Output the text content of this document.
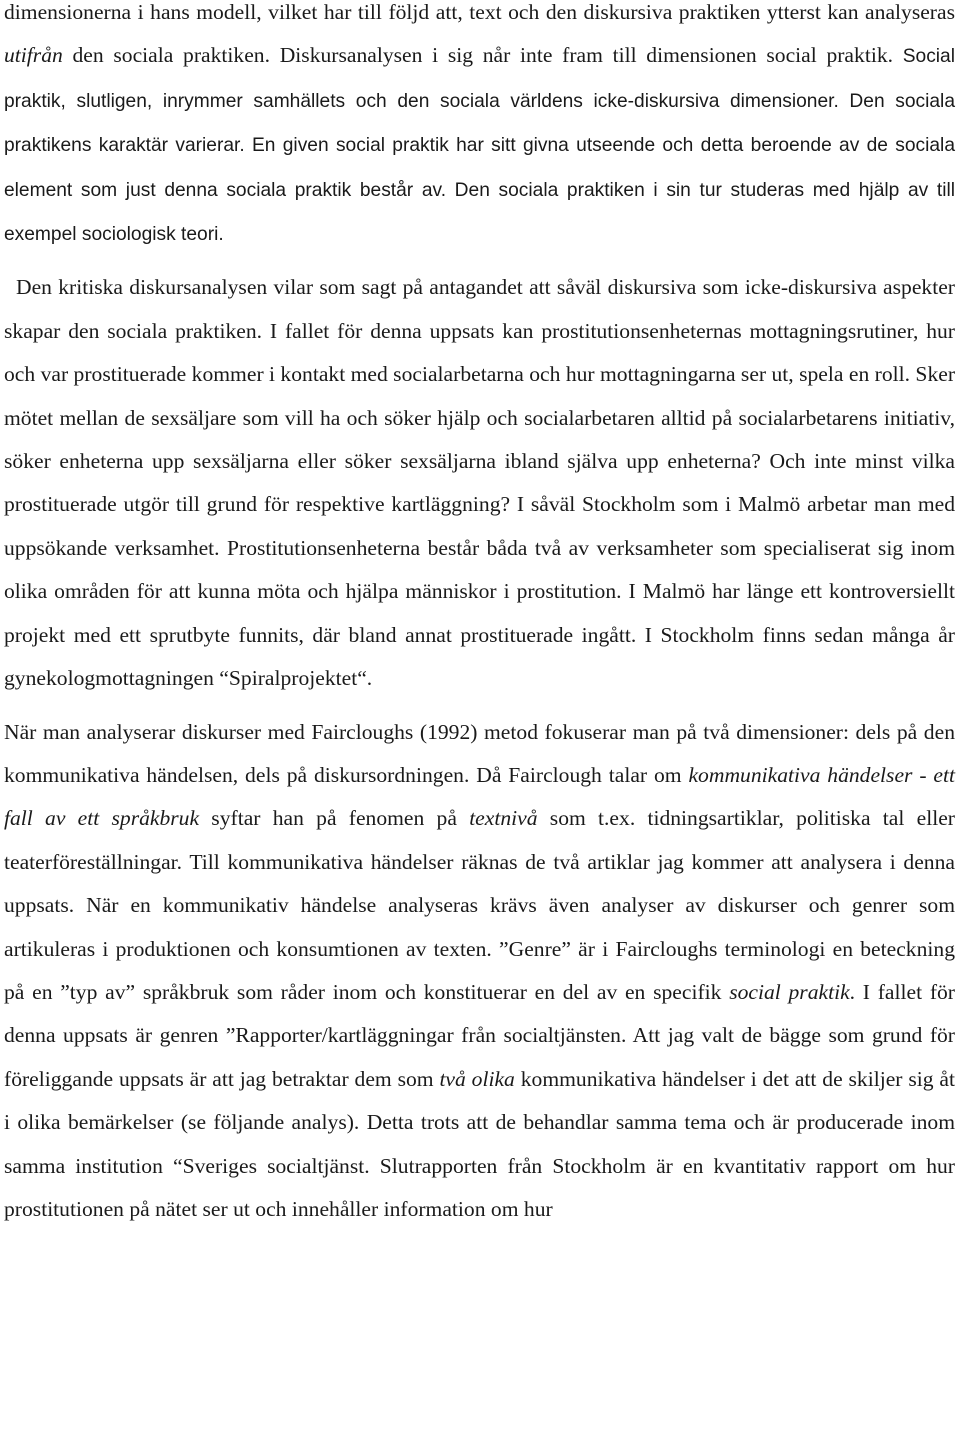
dimensionerna i hans modell, vilket har till följd att, text och den diskursiva praktiken ytterst kan analyseras utifrån den sociala praktiken. Diskursanalysen i sig når inte fram till dimensionen social praktik. Social praktik, slutligen, inrymmer samhällets och den sociala världens icke-diskursiva dimensioner. Den sociala praktikens karaktär varierar. En given social praktik har sitt givna utseende och detta beroende av de sociala element som just denna sociala praktik består av. Den sociala praktiken i sin tur studeras med hjälp av till exempel sociologisk teori.

Den kritiska diskursanalysen vilar som sagt på antagandet att såväl diskursiva som icke-diskursiva aspekter skapar den sociala praktiken. I fallet för denna uppsats kan prostitutionsenheternas mottagningsrutiner, hur och var prostituerade kommer i kontakt med socialarbetarna och hur mottagningarna ser ut, spela en roll. Sker mötet mellan de sexsäljare som vill ha och söker hjälp och socialarbetaren alltid på socialarbetarens initiativ, söker enheterna upp sexsäljarna eller söker sexsäljarna ibland själva upp enheterna? Och inte minst vilka prostituerade utgör till grund för respektive kartläggning? I såväl Stockholm som i Malmö arbetar man med uppsökande verksamhet. Prostitutionsenheterna består båda två av verksamheter som specialiserat sig inom olika områden för att kunna möta och hjälpa människor i prostitution. I Malmö har länge ett kontroversiellt projekt med ett sprutbyte funnits, där bland annat prostituerade ingått. I Stockholm finns sedan många år gynekologmottagningen “Spiralprojektet“.

När man analyserar diskurser med Faircloughs (1992) metod fokuserar man på två dimensioner: dels på den kommunikativa händelsen, dels på diskursordningen. Då Fairclough talar om kommunikativa händelser - ett fall av ett språkbruk syftar han på fenomen på textnivå som t.ex. tidningsartiklar, politiska tal eller teaterföreställningar. Till kommunikativa händelser räknas de två artiklar jag kommer att analysera i denna uppsats. När en kommunikativ händelse analyseras krävs även analyser av diskurser och genrer som artikuleras i produktionen och konsumtionen av texten. ”Genre” är i Faircloughs terminologi en beteckning på en ”typ av” språkbruk som råder inom och konstituerar en del av en specifik social praktik. I fallet för denna uppsats är genren ”Rapporter/kartläggningar från socialtjänsten. Att jag valt de bägge som grund för föreliggande uppsats är att jag betraktar dem som två olika kommunikativa händelser i det att de skiljer sig åt i olika bemärkelser (se följande analys). Detta trots att de behandlar samma tema och är producerade inom samma institution “Sveriges socialtjänst. Slutrapporten från Stockholm är en kvantitativ rapport om hur prostitutionen på nätet ser ut och innehåller information om hur
